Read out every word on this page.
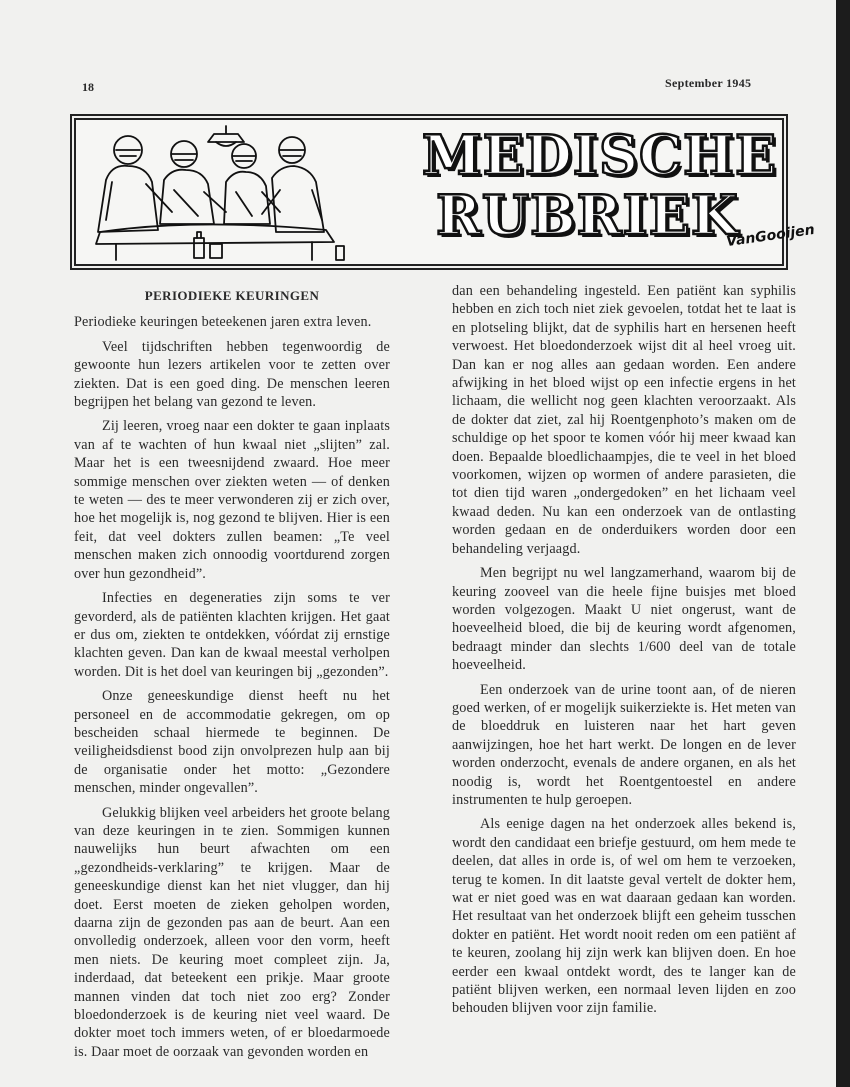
18	September 1945
MEDISCHE
RUBRIEK
VanGooijen
PERIODIEKE KEURINGEN

Periodieke keuringen beteekenen jaren extra leven.

Veel tijdschriften hebben tegenwoordig de gewoonte hun lezers artikelen voor te zetten over ziekten. Dat is een goed ding. De menschen leeren begrijpen het belang van gezond te leven.

Zij leeren, vroeg naar een dokter te gaan inplaats van af te wachten of hun kwaal niet „slijten” zal. Maar het is een tweesnijdend zwaard. Hoe meer sommige menschen over ziekten weten — of denken te weten — des te meer verwonderen zij er zich over, hoe het mogelijk is, nog gezond te blijven. Hier is een feit, dat veel dokters zullen beamen: „Te veel menschen maken zich onnoodig voortdurend zorgen over hun gezondheid”.

Infecties en degeneraties zijn soms te ver gevorderd, als de patiënten klachten krijgen. Het gaat er dus om, ziekten te ontdekken, vóórdat zij ernstige klachten geven. Dan kan de kwaal meestal verholpen worden. Dit is het doel van keuringen bij „gezonden”.

Onze geneeskundige dienst heeft nu het personeel en de accommodatie gekregen, om op bescheiden schaal hiermede te beginnen. De veiligheidsdienst bood zijn onvolprezen hulp aan bij de organisatie onder het motto: „Gezondere menschen, minder ongevallen”.

Gelukkig blijken veel arbeiders het groote belang van deze keuringen in te zien. Sommigen kunnen nauwelijks hun beurt afwachten om een „gezondheids-verklaring” te krijgen. Maar de geneeskundige dienst kan het niet vlugger, dan hij doet. Eerst moeten de zieken geholpen worden, daarna zijn de gezonden pas aan de beurt. Aan een onvolledig onderzoek, alleen voor den vorm, heeft men niets. De keuring moet compleet zijn. Ja, inderdaad, dat beteekent een prikje. Maar groote mannen vinden dat toch niet zoo erg? Zonder bloedonderzoek is de keuring niet veel waard. De dokter moet toch immers weten, of er bloedarmoede is. Daar moet de oorzaak van gevonden worden en

dan een behandeling ingesteld. Een patiënt kan syphilis hebben en zich toch niet ziek gevoelen, totdat het te laat is en plotseling blijkt, dat de syphilis hart en hersenen heeft verwoest. Het bloedonderzoek wijst dit al heel vroeg uit. Dan kan er nog alles aan gedaan worden. Een andere afwijking in het bloed wijst op een infectie ergens in het lichaam, die wellicht nog geen klachten veroorzaakt. Als de dokter dat ziet, zal hij Roentgenphoto’s maken om de schuldige op het spoor te komen vóór hij meer kwaad kan doen. Bepaalde bloedlichaampjes, die te veel in het bloed voorkomen, wijzen op wormen of andere parasieten, die tot dien tijd waren „ondergedoken” en het lichaam veel kwaad deden. Nu kan een onderzoek van de ontlasting worden gedaan en de onderduikers worden door een behandeling verjaagd.

Men begrijpt nu wel langzamerhand, waarom bij de keuring zooveel van die heele fijne buisjes met bloed worden volgezogen. Maakt U niet ongerust, want de hoeveelheid bloed, die bij de keuring wordt afgenomen, bedraagt minder dan slechts 1/600 deel van de totale hoeveelheid.

Een onderzoek van de urine toont aan, of de nieren goed werken, of er mogelijk suikerziekte is. Het meten van de bloeddruk en luisteren naar het hart geven aanwijzingen, hoe het hart werkt. De longen en de lever worden onderzocht, evenals de andere organen, en als het noodig is, wordt het Roentgentoestel en andere instrumenten te hulp geroepen.

Als eenige dagen na het onderzoek alles bekend is, wordt den candidaat een briefje gestuurd, om hem mede te deelen, dat alles in orde is, of wel om hem te verzoeken, terug te komen. In dit laatste geval vertelt de dokter hem, wat er niet goed was en wat daaraan gedaan kan worden. Het resultaat van het onderzoek blijft een geheim tusschen dokter en patiënt. Het wordt nooit reden om een patiënt af te keuren, zoolang hij zijn werk kan blijven doen. En hoe eerder een kwaal ontdekt wordt, des te langer kan de patiënt blijven werken, een normaal leven lijden en zoo behouden blijven voor zijn familie.
